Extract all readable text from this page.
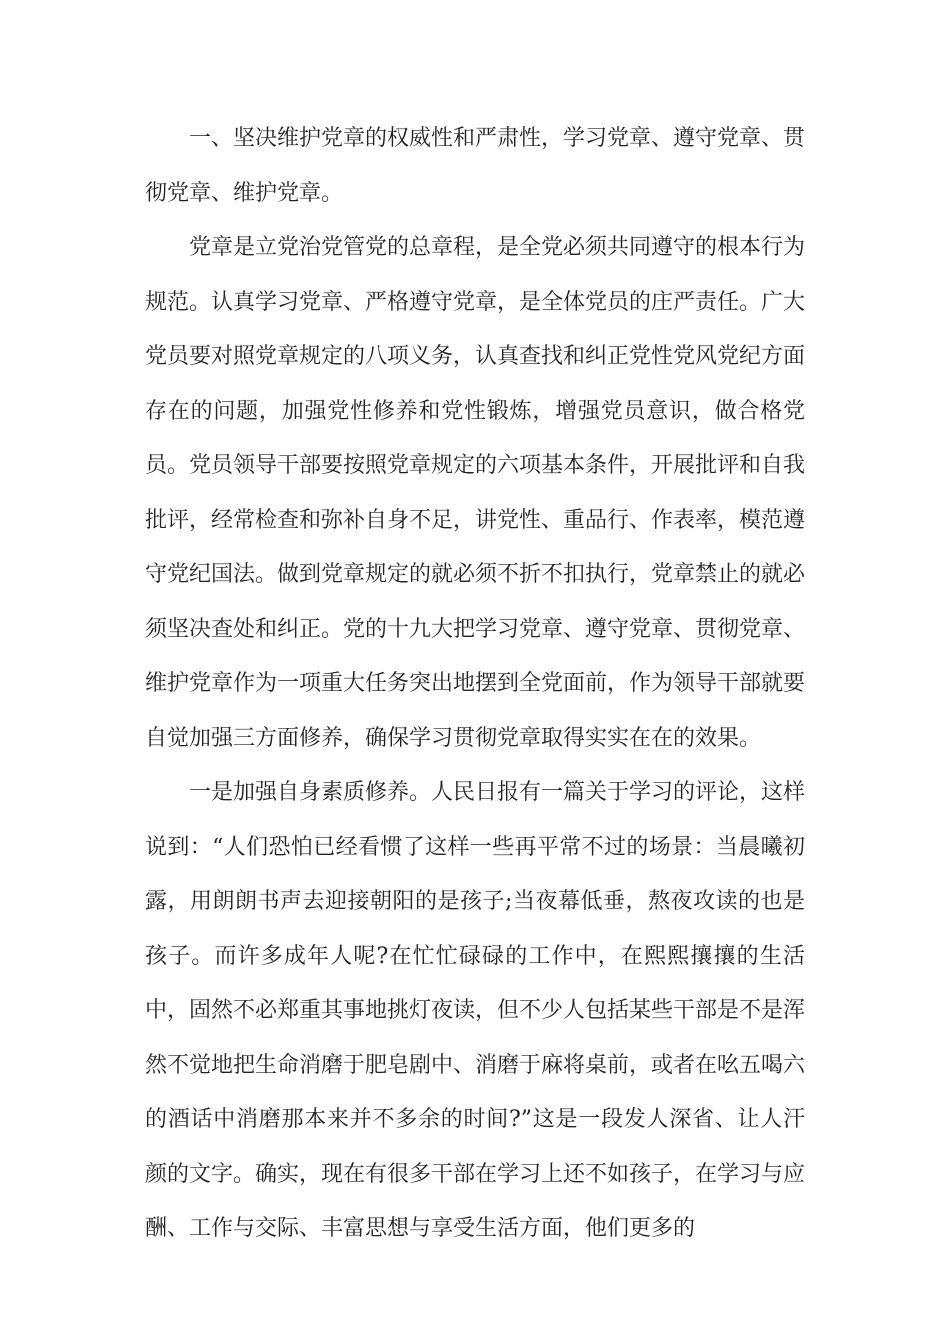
一、坚决维护党章的权威性和严肃性，学习党章、遵守党章、贯彻党章、维护党章。

党章是立党治党管党的总章程，是全党必须共同遵守的根本行为规范。认真学习党章、严格遵守党章，是全体党员的庄严责任。广大党员要对照党章规定的八项义务，认真查找和纠正党性党风党纪方面存在的问题，加强党性修养和党性锻炼，增强党员意识，做合格党员。党员领导干部要按照党章规定的六项基本条件，开展批评和自我批评，经常检查和弥补自身不足，讲党性、重品行、作表率，模范遵守党纪国法。做到党章规定的就必须不折不扣执行，党章禁止的就必须坚决查处和纠正。党的十九大把学习党章、遵守党章、贯彻党章、维护党章作为一项重大任务突出地摆到全党面前，作为领导干部就要自觉加强三方面修养，确保学习贯彻党章取得实实在在的效果。

一是加强自身素质修养。人民日报有一篇关于学习的评论，这样说到：“人们恐怕已经看惯了这样一些再平常不过的场景：当晨曦初露，用朗朗书声去迎接朝阳的是孩子;当夜幕低垂，熬夜攻读的也是孩子。而许多成年人呢?在忙忙碌碌的工作中，在熙熙攘攘的生活中，固然不必郑重其事地挑灯夜读，但不少人包括某些干部是不是浑然不觉地把生命消磨于肥皂剧中、消磨于麻将桌前，或者在吆五喝六的酒话中消磨那本来并不多余的时间?”这是一段发人深省、让人汗颜的文字。确实，现在有很多干部在学习上还不如孩子，在学习与应酬、工作与交际、丰富思想与享受生活方面，他们更多的
